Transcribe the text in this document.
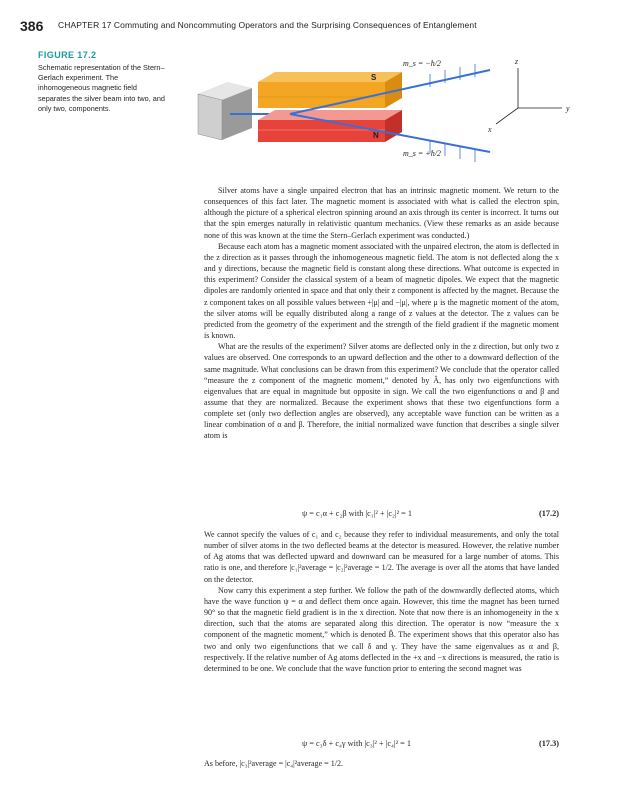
386 CHAPTER 17 Commuting and Noncommuting Operators and the Surprising Consequences of Entanglement
FIGURE 17.2
Schematic representation of the Stern–Gerlach experiment. The inhomogeneous magnetic field separates the silver beam into two, and only two, components.
S
N
m_s = −ħ/2
m_s = +ħ/2
z
y
x

Silver atoms have a single unpaired electron that has an intrinsic magnetic moment. We return to the consequences of this fact later. The magnetic moment is associated with what is called the electron spin, although the picture of a spherical electron spinning around an axis through its center is incorrect. It turns out that the spin emerges naturally in relativistic quantum mechanics. (View these remarks as an aside because none of this was known at the time the Stern–Gerlach experiment was conducted.)

Because each atom has a magnetic moment associated with the unpaired electron, the atom is deflected in the z direction as it passes through the inhomogeneous magnetic field. The atom is not deflected along the x and y directions, because the magnetic field is constant along these directions. What outcome is expected in this experiment? Consider the classical system of a beam of magnetic dipoles. We expect that the magnetic dipoles are randomly oriented in space and that only their z component is affected by the magnet. Because the z component takes on all possible values between +|μ| and −|μ|, where μ is the magnetic moment of the atom, the silver atoms will be equally distributed along a range of z values at the detector. The z values can be predicted from the geometry of the experiment and the strength of the field gradient if the magnetic moment is known.

What are the results of the experiment? Silver atoms are deflected only in the z direction, but only two z values are observed. One corresponds to an upward deflection and the other to a downward deflection of the same magnitude. What conclusions can be drawn from this experiment? We conclude that the operator called “measure the z component of the magnetic moment,” denoted by Â, has only two eigenfunctions with eigenvalues that are equal in magnitude but opposite in sign. We call the two eigenfunctions α and β and assume that they are normalized. Because the experiment shows that these two eigenfunctions form a complete set (only two deflection angles are observed), any acceptable wave function can be written as a linear combination of α and β. Therefore, the initial normalized wave function that describes a single silver atom is

ψ = c₁α + c₂β with |c₁|² + |c₂|² = 1	(17.2)

We cannot specify the values of c₁ and c₂ because they refer to individual measurements, and only the total number of silver atoms in the two deflected beams at the detector is measured. However, the relative number of Ag atoms that was deflected upward and downward can be measured for a large number of atoms. This ratio is one, and therefore |c₁|²average = |c₂|²average = 1/2. The average is over all the atoms that have landed on the detector.

Now carry this experiment a step further. We follow the path of the downwardly deflected atoms, which have the wave function ψ = α and deflect them once again. However, this time the magnet has been turned 90° so that the magnetic field gradient is in the x direction. Note that now there is an inhomogeneity in the x direction, such that the atoms are separated along this direction. The operator is now “measure the x component of the magnetic moment,” which is denoted B̂. The experiment shows that this operator also has two and only two eigenfunctions that we call δ and γ. They have the same eigenvalues as α and β, respectively. If the relative number of Ag atoms deflected in the +x and −x directions is measured, the ratio is determined to be one. We conclude that the wave function prior to entering the second magnet was

ψ = c₃δ + c₄γ with |c₃|² + |c₄|² = 1	(17.3)

As before, |c₃|²average = |c₄|²average = 1/2.
